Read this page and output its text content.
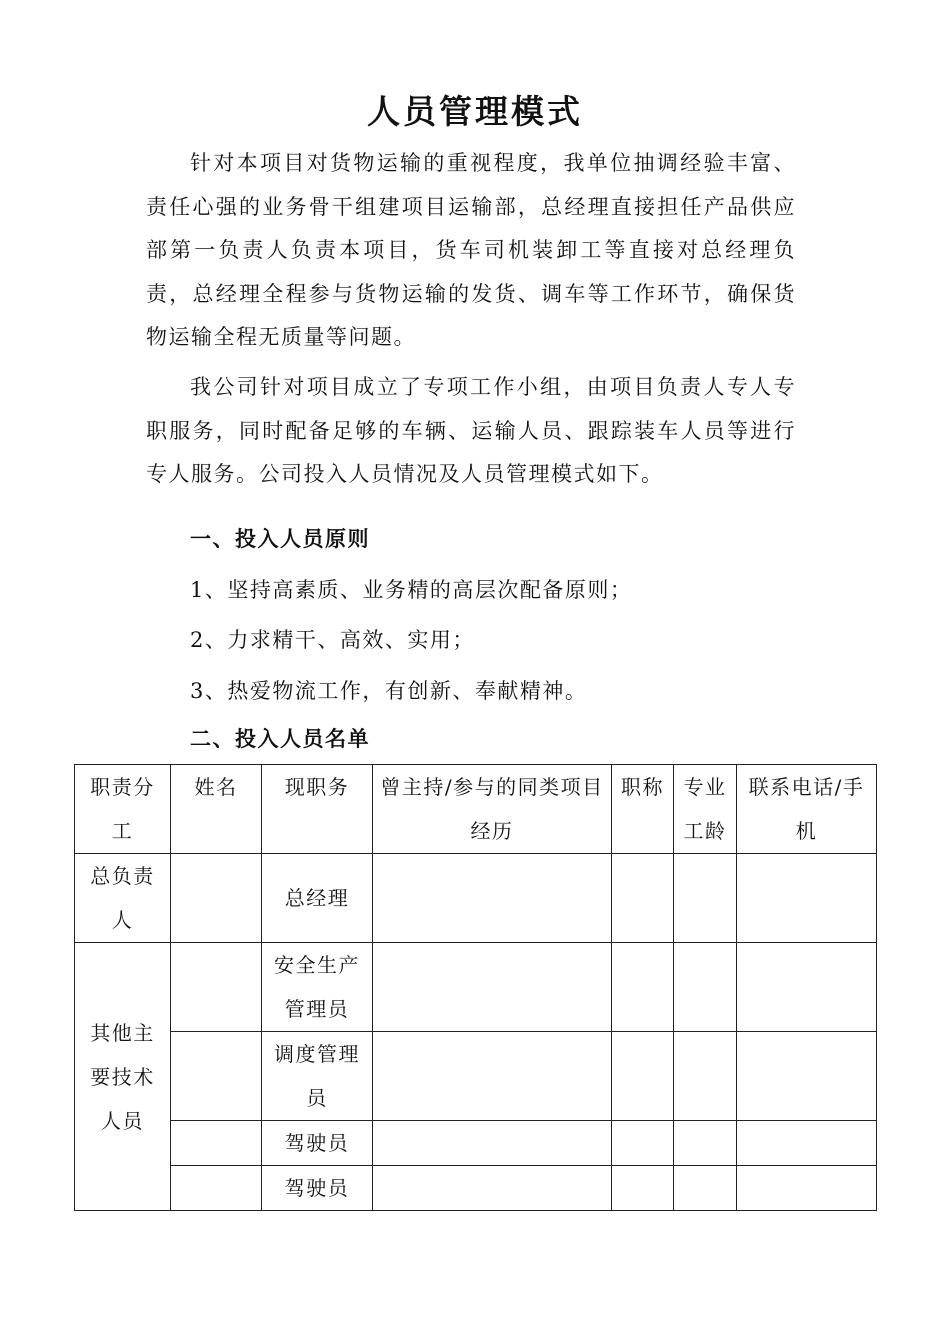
人员管理模式

针对本项目对货物运输的重视程度，我单位抽调经验丰富、责任心强的业务骨干组建项目运输部，总经理直接担任产品供应部第一负责人负责本项目，货车司机装卸工等直接对总经理负责，总经理全程参与货物运输的发货、调车等工作环节，确保货物运输全程无质量等问题。

我公司针对项目成立了专项工作小组，由项目负责人专人专职服务，同时配备足够的车辆、运输人员、跟踪装车人员等进行专人服务。公司投入人员情况及人员管理模式如下。

一、投入人员原则
1、坚持高素质、业务精的高层次配备原则；
2、力求精干、高效、实用；
3、热爱物流工作，有创新、奉献精神。
二、投入人员名单
职责分工	姓名	现职务	曾主持/参与的同类项目经历	职称	专业工龄	联系电话/手机
总负责人		总经理				
其他主要技术人员		安全生产管理员				
		调度管理员				
		驾驶员				
		驾驶员				
